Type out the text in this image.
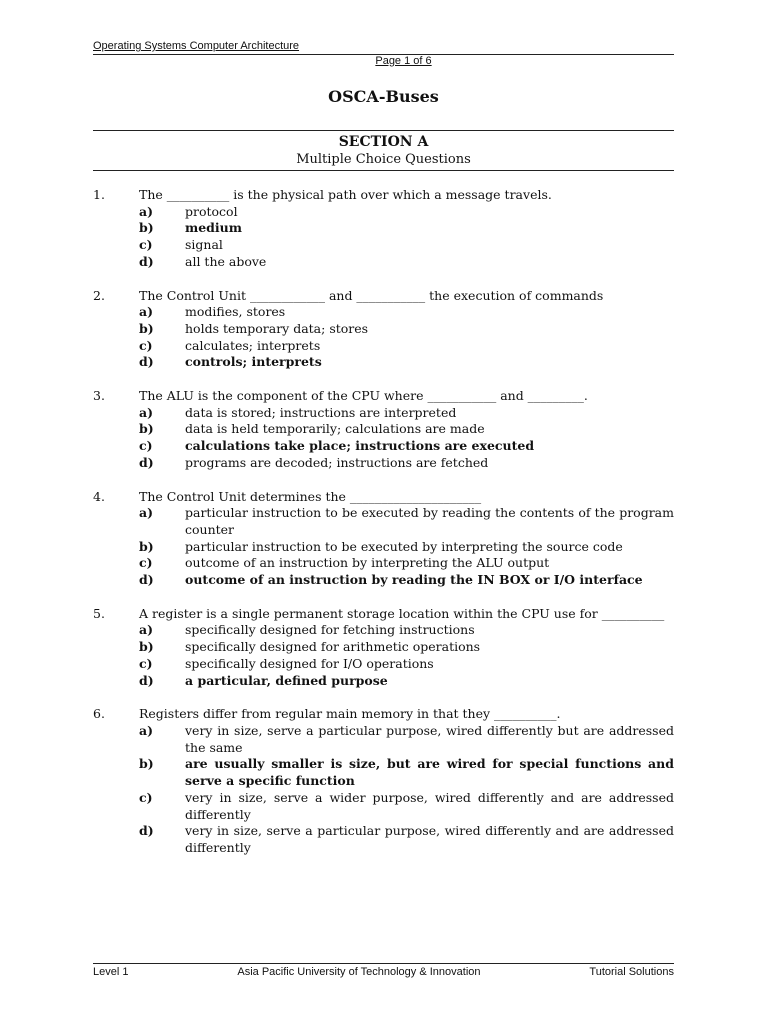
Operating Systems Computer Architecture
Page 1 of 6
OSCA-Buses
SECTION A
Multiple Choice Questions
1.	The __________ is the physical path over which a message travels.
a)	protocol
b)	medium
c)	signal
d)	all the above
2.	The Control Unit ____________ and ___________ the execution of commands
a)	modifies, stores
b)	holds temporary data; stores
c)	calculates; interprets
d)	controls; interprets
3.	The ALU is the component of the CPU where ___________ and _________.
a)	data is stored; instructions are interpreted
b)	data is held temporarily; calculations are made
c)	calculations take place; instructions are executed
d)	programs are decoded; instructions are fetched
4.	The Control Unit determines the _____________________
a)	particular instruction to be executed by reading the contents of the program counter
b)	particular instruction to be executed by interpreting the source code
c)	outcome of an instruction by interpreting the ALU output
d)	outcome of an instruction by reading the IN BOX or I/O interface
5.	A register is a single permanent storage location within the CPU use for __________
a)	specifically designed for fetching instructions
b)	specifically designed for arithmetic operations
c)	specifically designed for I/O operations
d)	a particular, defined purpose
6.	Registers differ from regular main memory in that they __________.
a)	very in size, serve a particular purpose, wired differently but are addressed the same
b)	are usually smaller is size, but are wired for special functions and serve a specific function
c)	very in size, serve a wider purpose, wired differently and are addressed differently
d)	very in size, serve a particular purpose, wired differently and are addressed differently
Level 1	Asia Pacific University of Technology & Innovation	Tutorial Solutions
